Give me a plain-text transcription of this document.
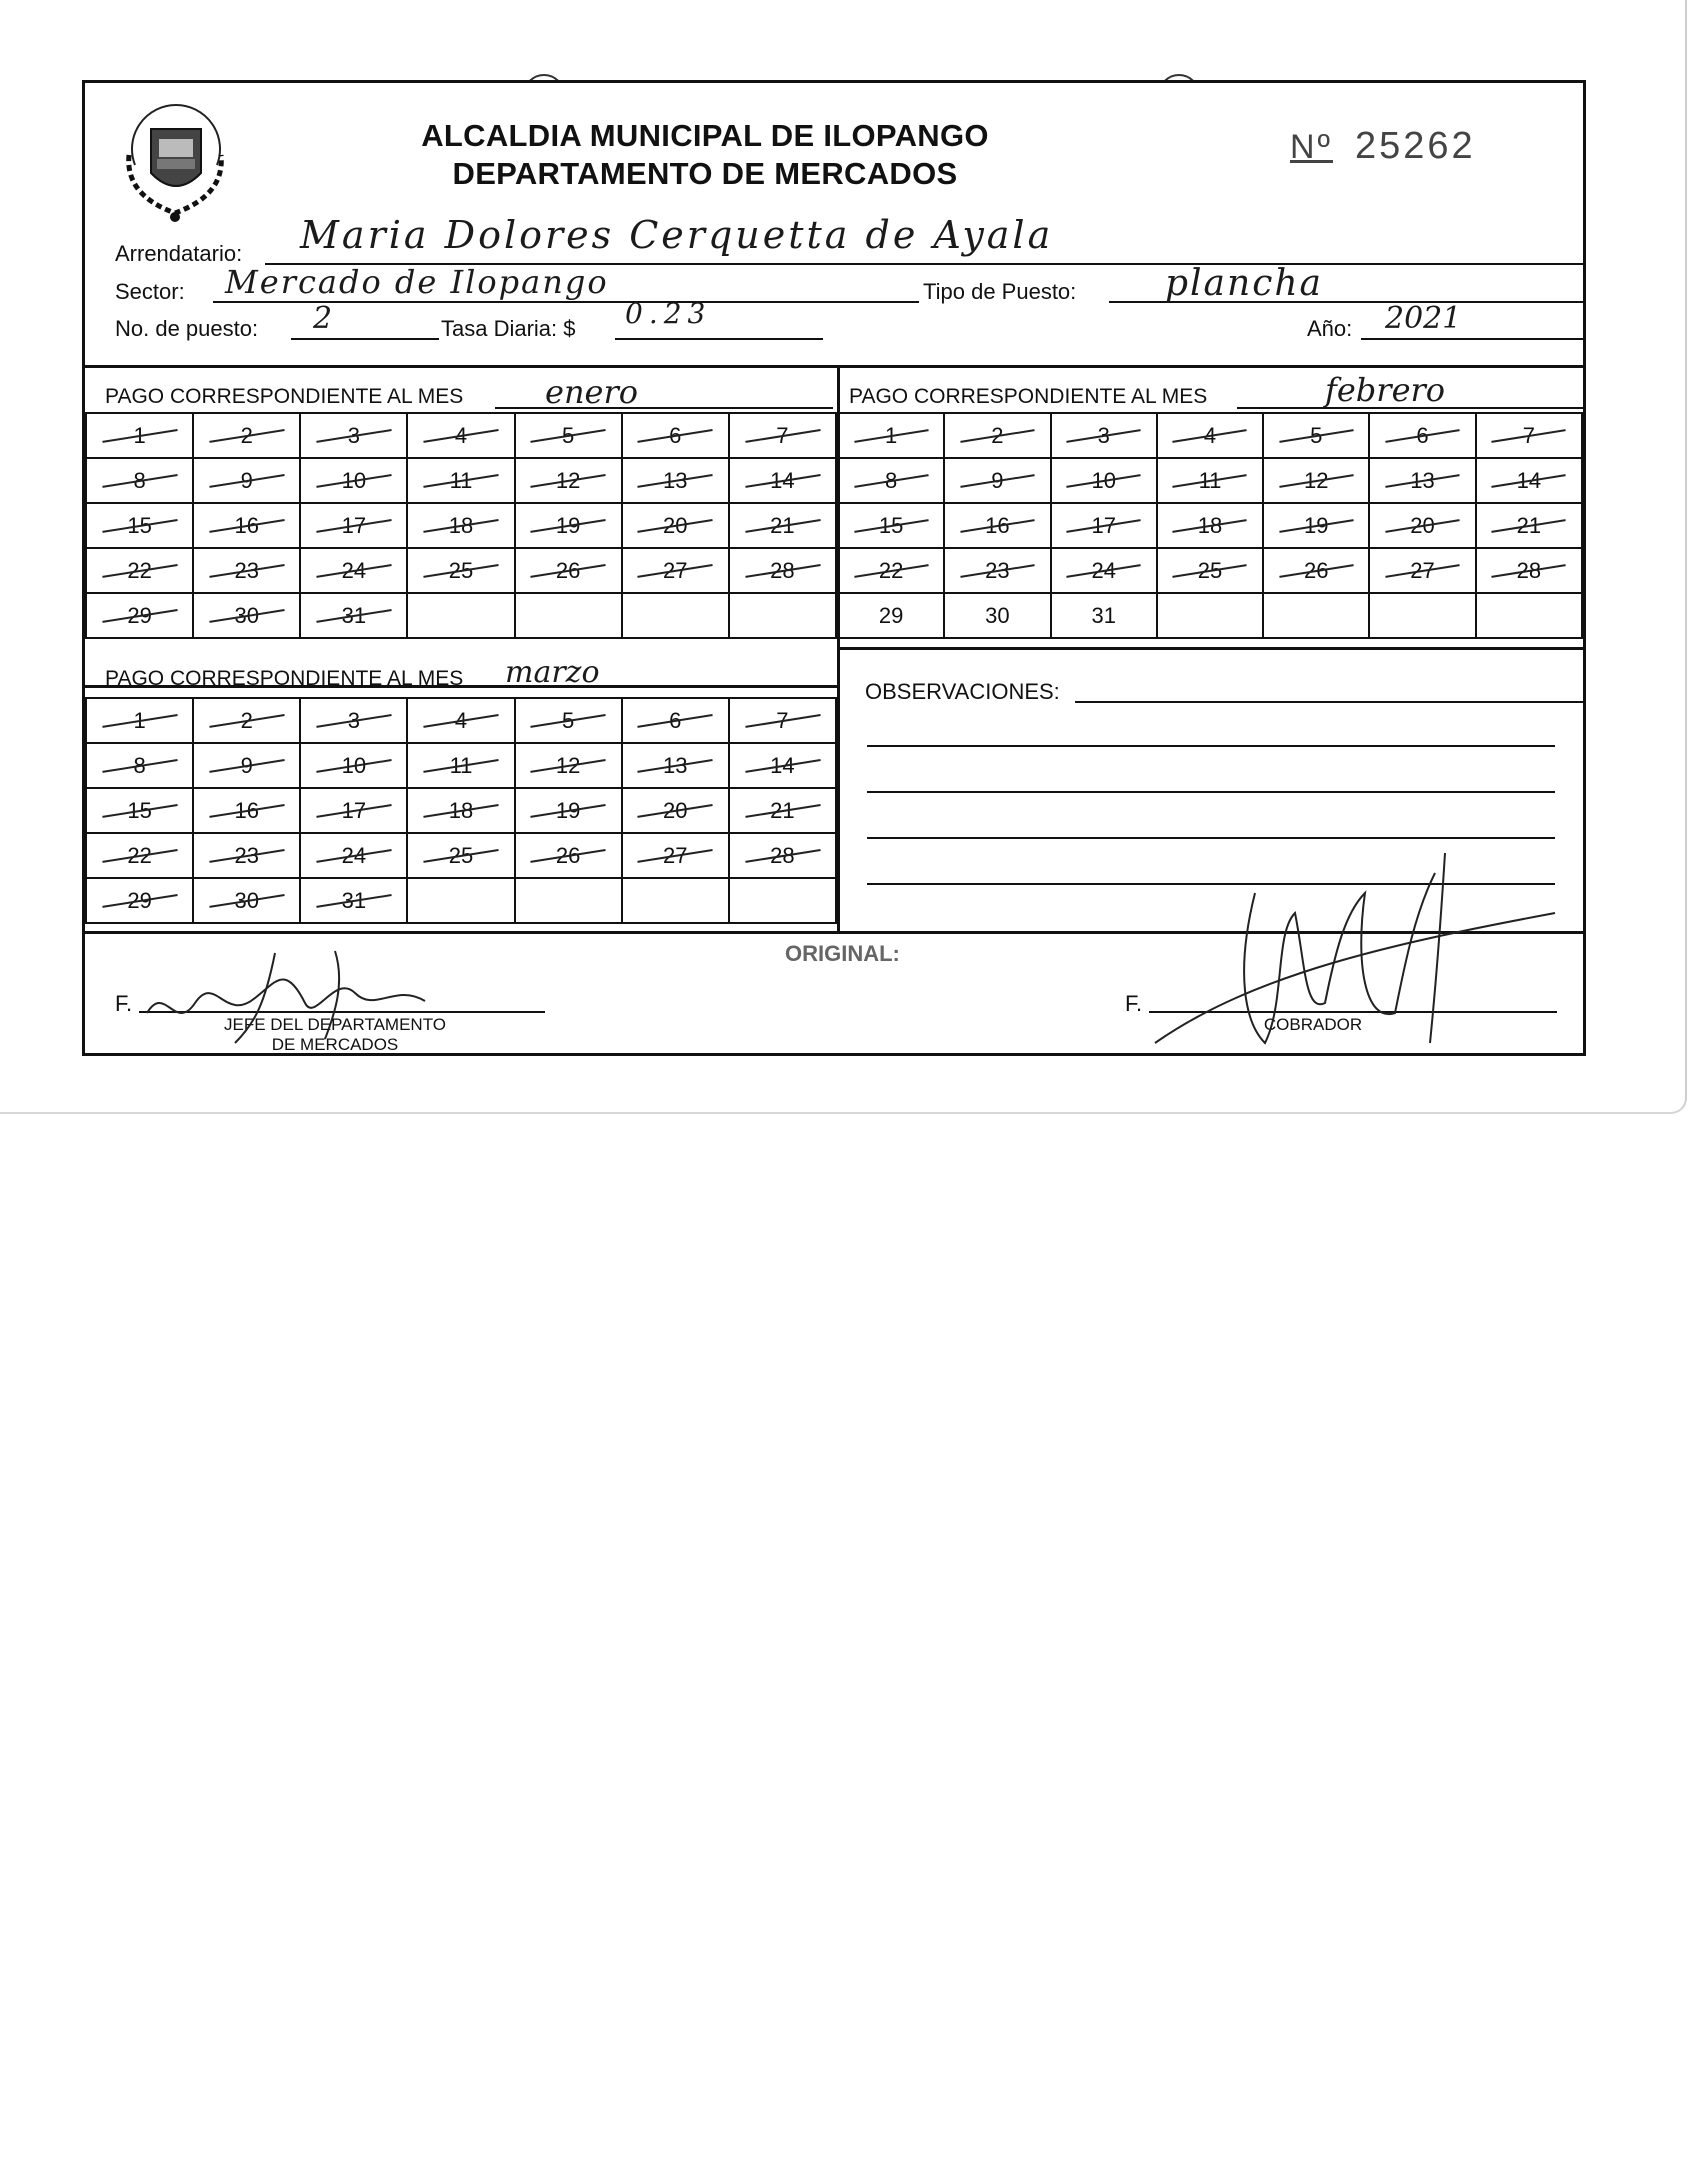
ALCALDIA MUNICIPAL DE ILOPANGO
DEPARTAMENTO DE MERCADOS
Nº 25262
Arrendatario: Maria Dolores Cerquetta de Ayala
Sector: Mercado de Ilopango	Tipo de Puesto: plancha
No. de puesto: 2	Tasa Diaria: $ 0.23	Año: 2021
PAGO CORRESPONDIENTE AL MES	enero
1	2	3	4	5	6	7
8	9	10	11	12	13	14
15	16	17	18	19	20	21
22	23	24	25	26	27	28
29	30	31				
PAGO CORRESPONDIENTE AL MES	febrero
1	2	3	4	5	6	7
8	9	10	11	12	13	14
15	16	17	18	19	20	21
22	23	24	25	26	27	28
29	30	31				
PAGO CORRESPONDIENTE AL MES marzo
1	2	3	4	5	6	7
8	9	10	11	12	13	14
15	16	17	18	19	20	21
22	23	24	25	26	27	28
29	30	31				
OBSERVACIONES:
ORIGINAL:
F.
JEFE DEL DEPARTAMENTO
DE MERCADOS
F.
COBRADOR
